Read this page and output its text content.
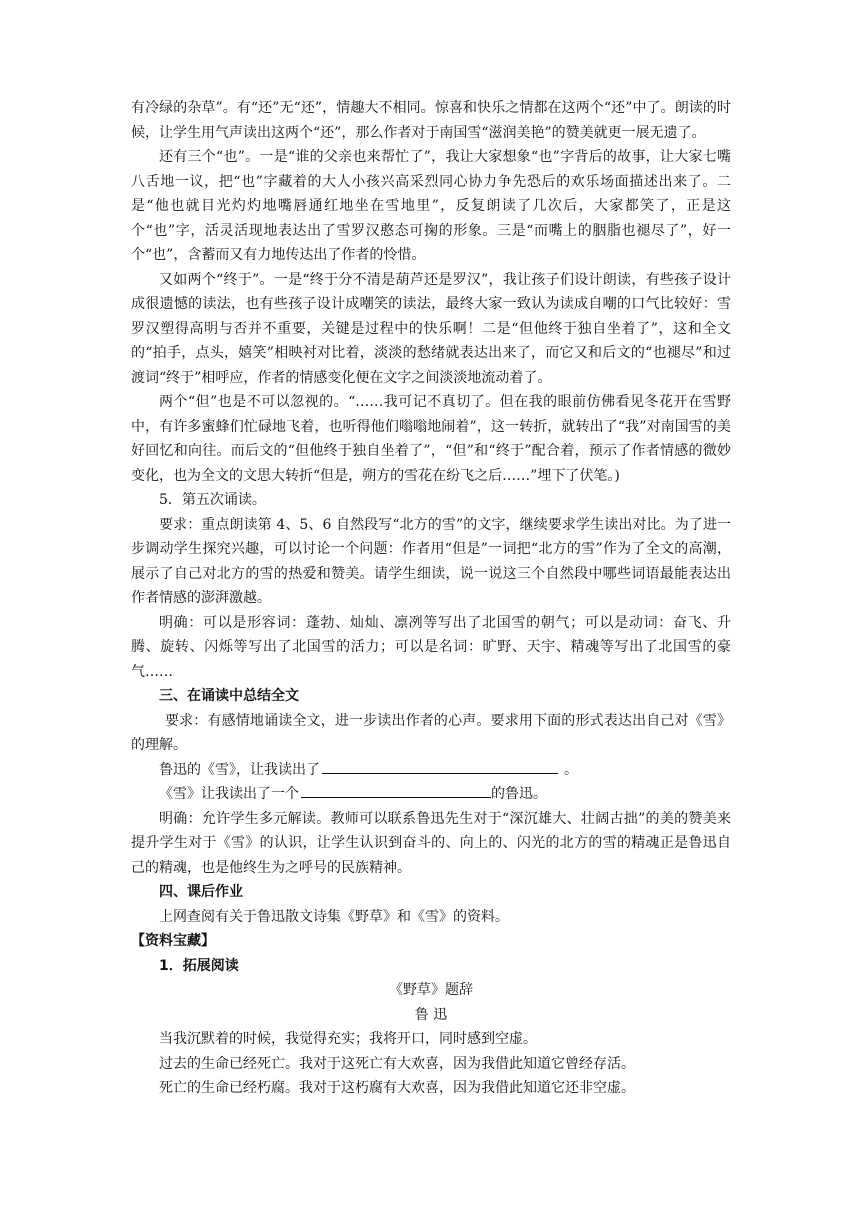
有冷绿的杂草”。有“还”无“还”，情趣大不相同。惊喜和快乐之情都在这两个“还”中了。朗读的时候，让学生用气声读出这两个“还”，那么作者对于南国雪“滋润美艳”的赞美就更一展无遗了。

还有三个“也”。一是“谁的父亲也来帮忙了”，我让大家想象“也”字背后的故事，让大家七嘴八舌地一议，把“也”字藏着的大人小孩兴高采烈同心协力争先恐后的欢乐场面描述出来了。二是“他也就目光灼灼地嘴唇通红地坐在雪地里”，反复朗读了几次后，大家都笑了，正是这个“也”字，活灵活现地表达出了雪罗汉憨态可掬的形象。三是“而嘴上的胭脂也褪尽了”，好一个“也”，含蓄而又有力地传达出了作者的怜惜。

又如两个“终于”。一是“终于分不清是葫芦还是罗汉”，我让孩子们设计朗读，有些孩子设计成很遗憾的读法，也有些孩子设计成嘲笑的读法，最终大家一致认为读成自嘲的口气比较好：雪罗汉塑得高明与否并不重要，关键是过程中的快乐啊！二是“但他终于独自坐着了”，这和全文的“拍手，点头，嬉笑”相映衬对比着，淡淡的愁绪就表达出来了，而它又和后文的“也褪尽”和过渡词“终于”相呼应，作者的情感变化便在文字之间淡淡地流动着了。

两个“但”也是不可以忽视的。“……我可记不真切了。但在我的眼前仿佛看见冬花开在雪野中，有许多蜜蜂们忙碌地飞着，也听得他们嗡嗡地闹着”，这一转折，就转出了“我”对南国雪的美好回忆和向往。而后文的“但他终于独自坐着了”，“但”和“终于”配合着，预示了作者情感的微妙变化，也为全文的文思大转折“但是，朔方的雪花在纷飞之后……”埋下了伏笔。)

5．第五次诵读。

要求：重点朗读第 4、5、6 自然段写“北方的雪”的文字，继续要求学生读出对比。为了进一步调动学生探究兴趣，可以讨论一个问题：作者用“但是”一词把“北方的雪”作为了全文的高潮，展示了自己对北方的雪的热爱和赞美。请学生细读，说一说这三个自然段中哪些词语最能表达出作者情感的澎湃激越。

明确：可以是形容词：蓬勃、灿灿、凛冽等写出了北国雪的朝气；可以是动词：奋飞、升腾、旋转、闪烁等写出了北国雪的活力；可以是名词：旷野、天宇、精魂等写出了北国雪的豪气……

三、在诵读中总结全文

要求：有感情地诵读全文，进一步读出作者的心声。要求用下面的形式表达出自己对《雪》的理解。

鲁迅的《雪》，让我读出了	。

《雪》让我读出了一个	的鲁迅。

明确：允许学生多元解读。教师可以联系鲁迅先生对于“深沉雄大、壮阔古拙”的美的赞美来提升学生对于《雪》的认识，让学生认识到奋斗的、向上的、闪光的北方的雪的精魂正是鲁迅自己的精魂，也是他终生为之呼号的民族精神。

四、课后作业

上网查阅有关于鲁迅散文诗集《野草》和《雪》的资料。

【资料宝藏】

1．拓展阅读

《野草》题辞

鲁 迅

当我沉默着的时候，我觉得充实；我将开口，同时感到空虚。

过去的生命已经死亡。我对于这死亡有大欢喜，因为我借此知道它曾经存活。

死亡的生命已经朽腐。我对于这朽腐有大欢喜，因为我借此知道它还非空虚。
